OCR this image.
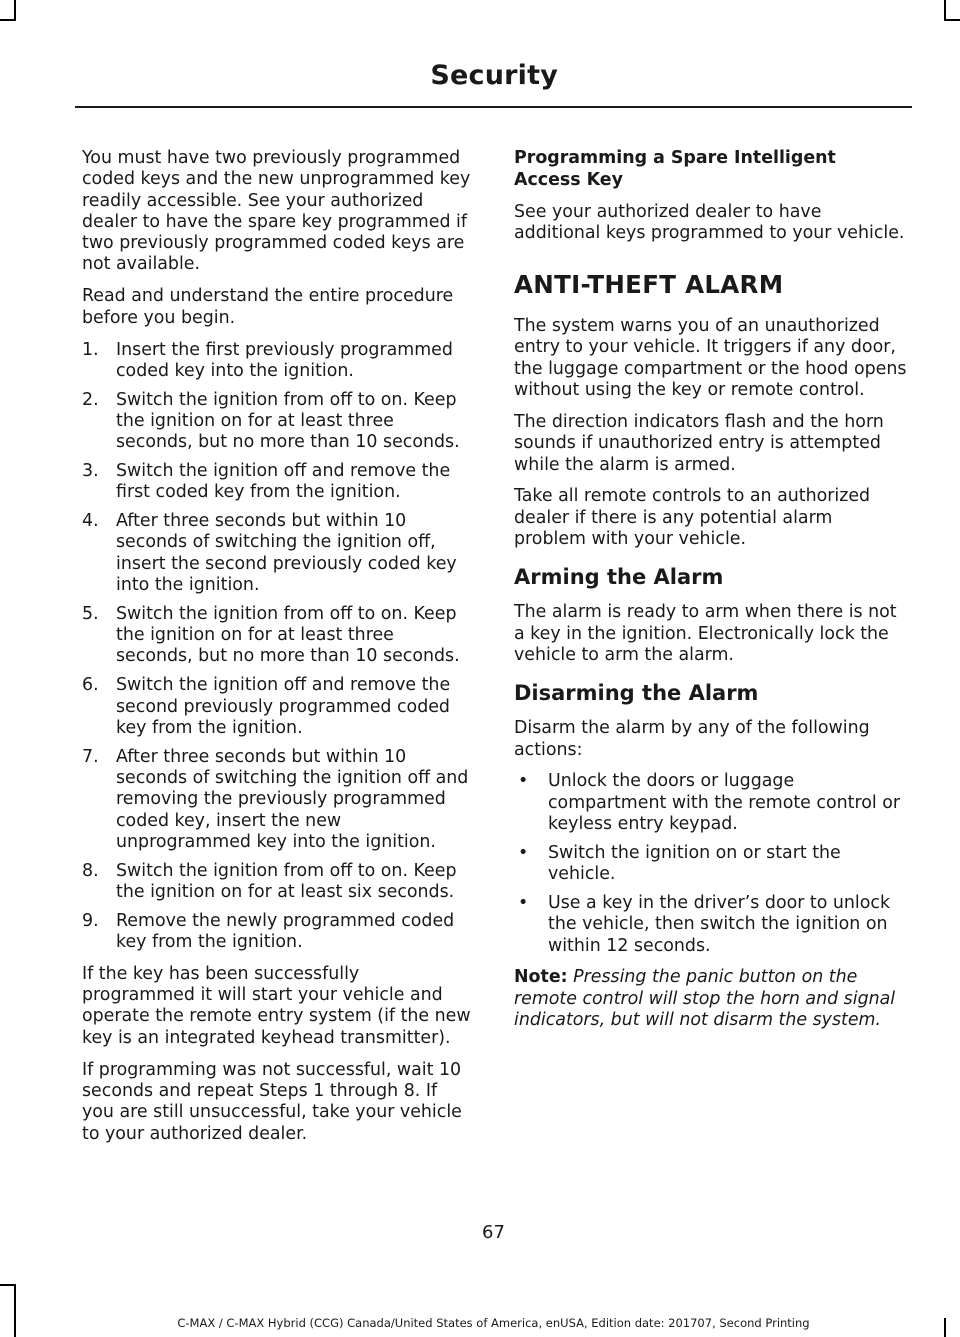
Security

You must have two previously programmed coded keys and the new unprogrammed key readily accessible. See your authorized dealer to have the spare key programmed if two previously programmed coded keys are not available.

Read and understand the entire procedure before you begin.

1. Insert the first previously programmed coded key into the ignition.
2. Switch the ignition from off to on. Keep the ignition on for at least three seconds, but no more than 10 seconds.
3. Switch the ignition off and remove the first coded key from the ignition.
4. After three seconds but within 10 seconds of switching the ignition off, insert the second previously coded key into the ignition.
5. Switch the ignition from off to on. Keep the ignition on for at least three seconds, but no more than 10 seconds.
6. Switch the ignition off and remove the second previously programmed coded key from the ignition.
7. After three seconds but within 10 seconds of switching the ignition off and removing the previously programmed coded key, insert the new unprogrammed key into the ignition.
8. Switch the ignition from off to on. Keep the ignition on for at least six seconds.
9. Remove the newly programmed coded key from the ignition.

If the key has been successfully programmed it will start your vehicle and operate the remote entry system (if the new key is an integrated keyhead transmitter).

If programming was not successful, wait 10 seconds and repeat Steps 1 through 8. If you are still unsuccessful, take your vehicle to your authorized dealer.

Programming a Spare Intelligent Access Key

See your authorized dealer to have additional keys programmed to your vehicle.

ANTI-THEFT ALARM

The system warns you of an unauthorized entry to your vehicle. It triggers if any door, the luggage compartment or the hood opens without using the key or remote control.

The direction indicators flash and the horn sounds if unauthorized entry is attempted while the alarm is armed.

Take all remote controls to an authorized dealer if there is any potential alarm problem with your vehicle.

Arming the Alarm

The alarm is ready to arm when there is not a key in the ignition. Electronically lock the vehicle to arm the alarm.

Disarming the Alarm

Disarm the alarm by any of the following actions:

• Unlock the doors or luggage compartment with the remote control or keyless entry keypad.
• Switch the ignition on or start the vehicle.
• Use a key in the driver’s door to unlock the vehicle, then switch the ignition on within 12 seconds.

Note: Pressing the panic button on the remote control will stop the horn and signal indicators, but will not disarm the system.

67
C-MAX / C-MAX Hybrid (CCG) Canada/United States of America, enUSA, Edition date: 201707, Second Printing
